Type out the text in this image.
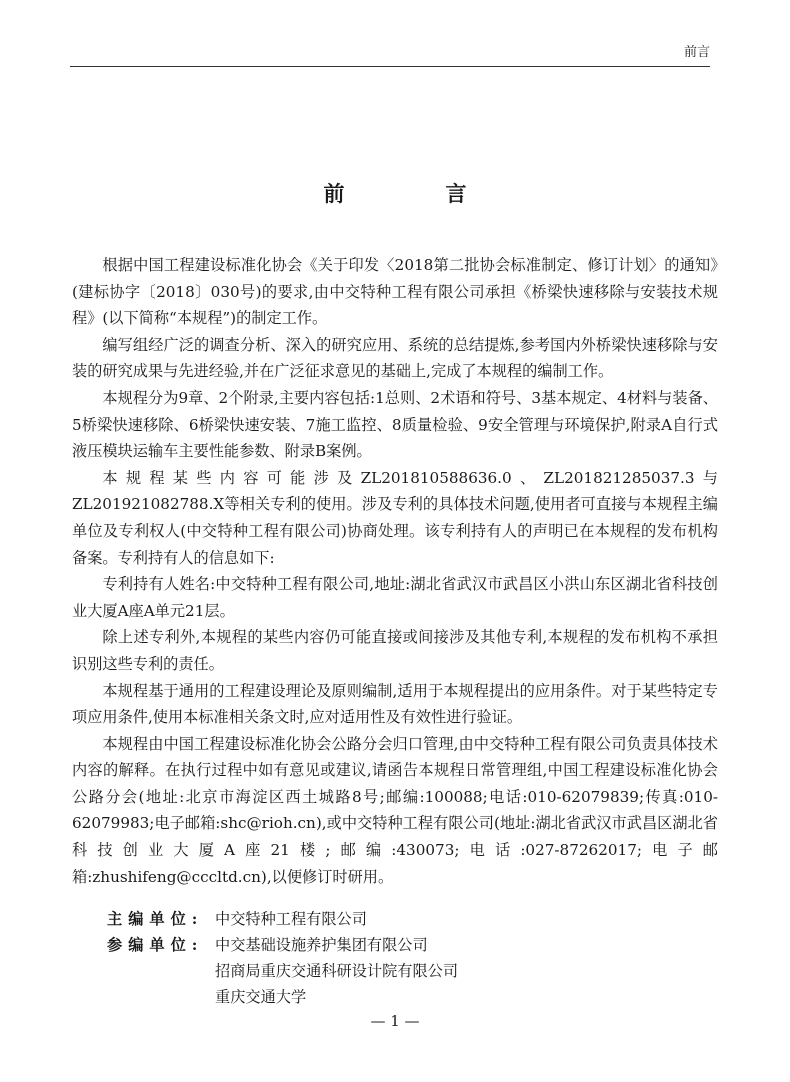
前言
前　言

根据中国工程建设标准化协会《关于印发〈2018第二批协会标准制定、修订计划〉的通知》(建标协字〔2018〕030号)的要求,由中交特种工程有限公司承担《桥梁快速移除与安装技术规程》(以下简称“本规程”)的制定工作。

编写组经广泛的调查分析、深入的研究应用、系统的总结提炼,参考国内外桥梁快速移除与安装的研究成果与先进经验,并在广泛征求意见的基础上,完成了本规程的编制工作。

本规程分为9章、2个附录,主要内容包括:1总则、2术语和符号、3基本规定、4材料与装备、5桥梁快速移除、6桥梁快速安装、7施工监控、8质量检验、9安全管理与环境保护,附录A自行式液压模块运输车主要性能参数、附录B案例。

本规程某些内容可能涉及ZL201810588636.0、ZL201821285037.3与ZL201921082788.X等相关专利的使用。涉及专利的具体技术问题,使用者可直接与本规程主编单位及专利权人(中交特种工程有限公司)协商处理。该专利持有人的声明已在本规程的发布机构备案。专利持有人的信息如下:

专利持有人姓名:中交特种工程有限公司,地址:湖北省武汉市武昌区小洪山东区湖北省科技创业大厦A座A单元21层。

除上述专利外,本规程的某些内容仍可能直接或间接涉及其他专利,本规程的发布机构不承担识别这些专利的责任。

本规程基于通用的工程建设理论及原则编制,适用于本规程提出的应用条件。对于某些特定专项应用条件,使用本标准相关条文时,应对适用性及有效性进行验证。

本规程由中国工程建设标准化协会公路分会归口管理,由中交特种工程有限公司负责具体技术内容的解释。在执行过程中如有意见或建议,请函告本规程日常管理组,中国工程建设标准化协会公路分会(地址:北京市海淀区西土城路8号;邮编:100088;电话:010-62079839;传真:010-62079983;电子邮箱:shc@rioh.cn),或中交特种工程有限公司(地址:湖北省武汉市武昌区湖北省科技创业大厦A座21楼;邮编:430073;电话:027-87262017;电子邮箱:zhushifeng@cccltd.cn),以便修订时研用。

主编单位:	中交特种工程有限公司
参编单位:	中交基础设施养护集团有限公司
招商局重庆交通科研设计院有限公司
重庆交通大学
— 1 —
